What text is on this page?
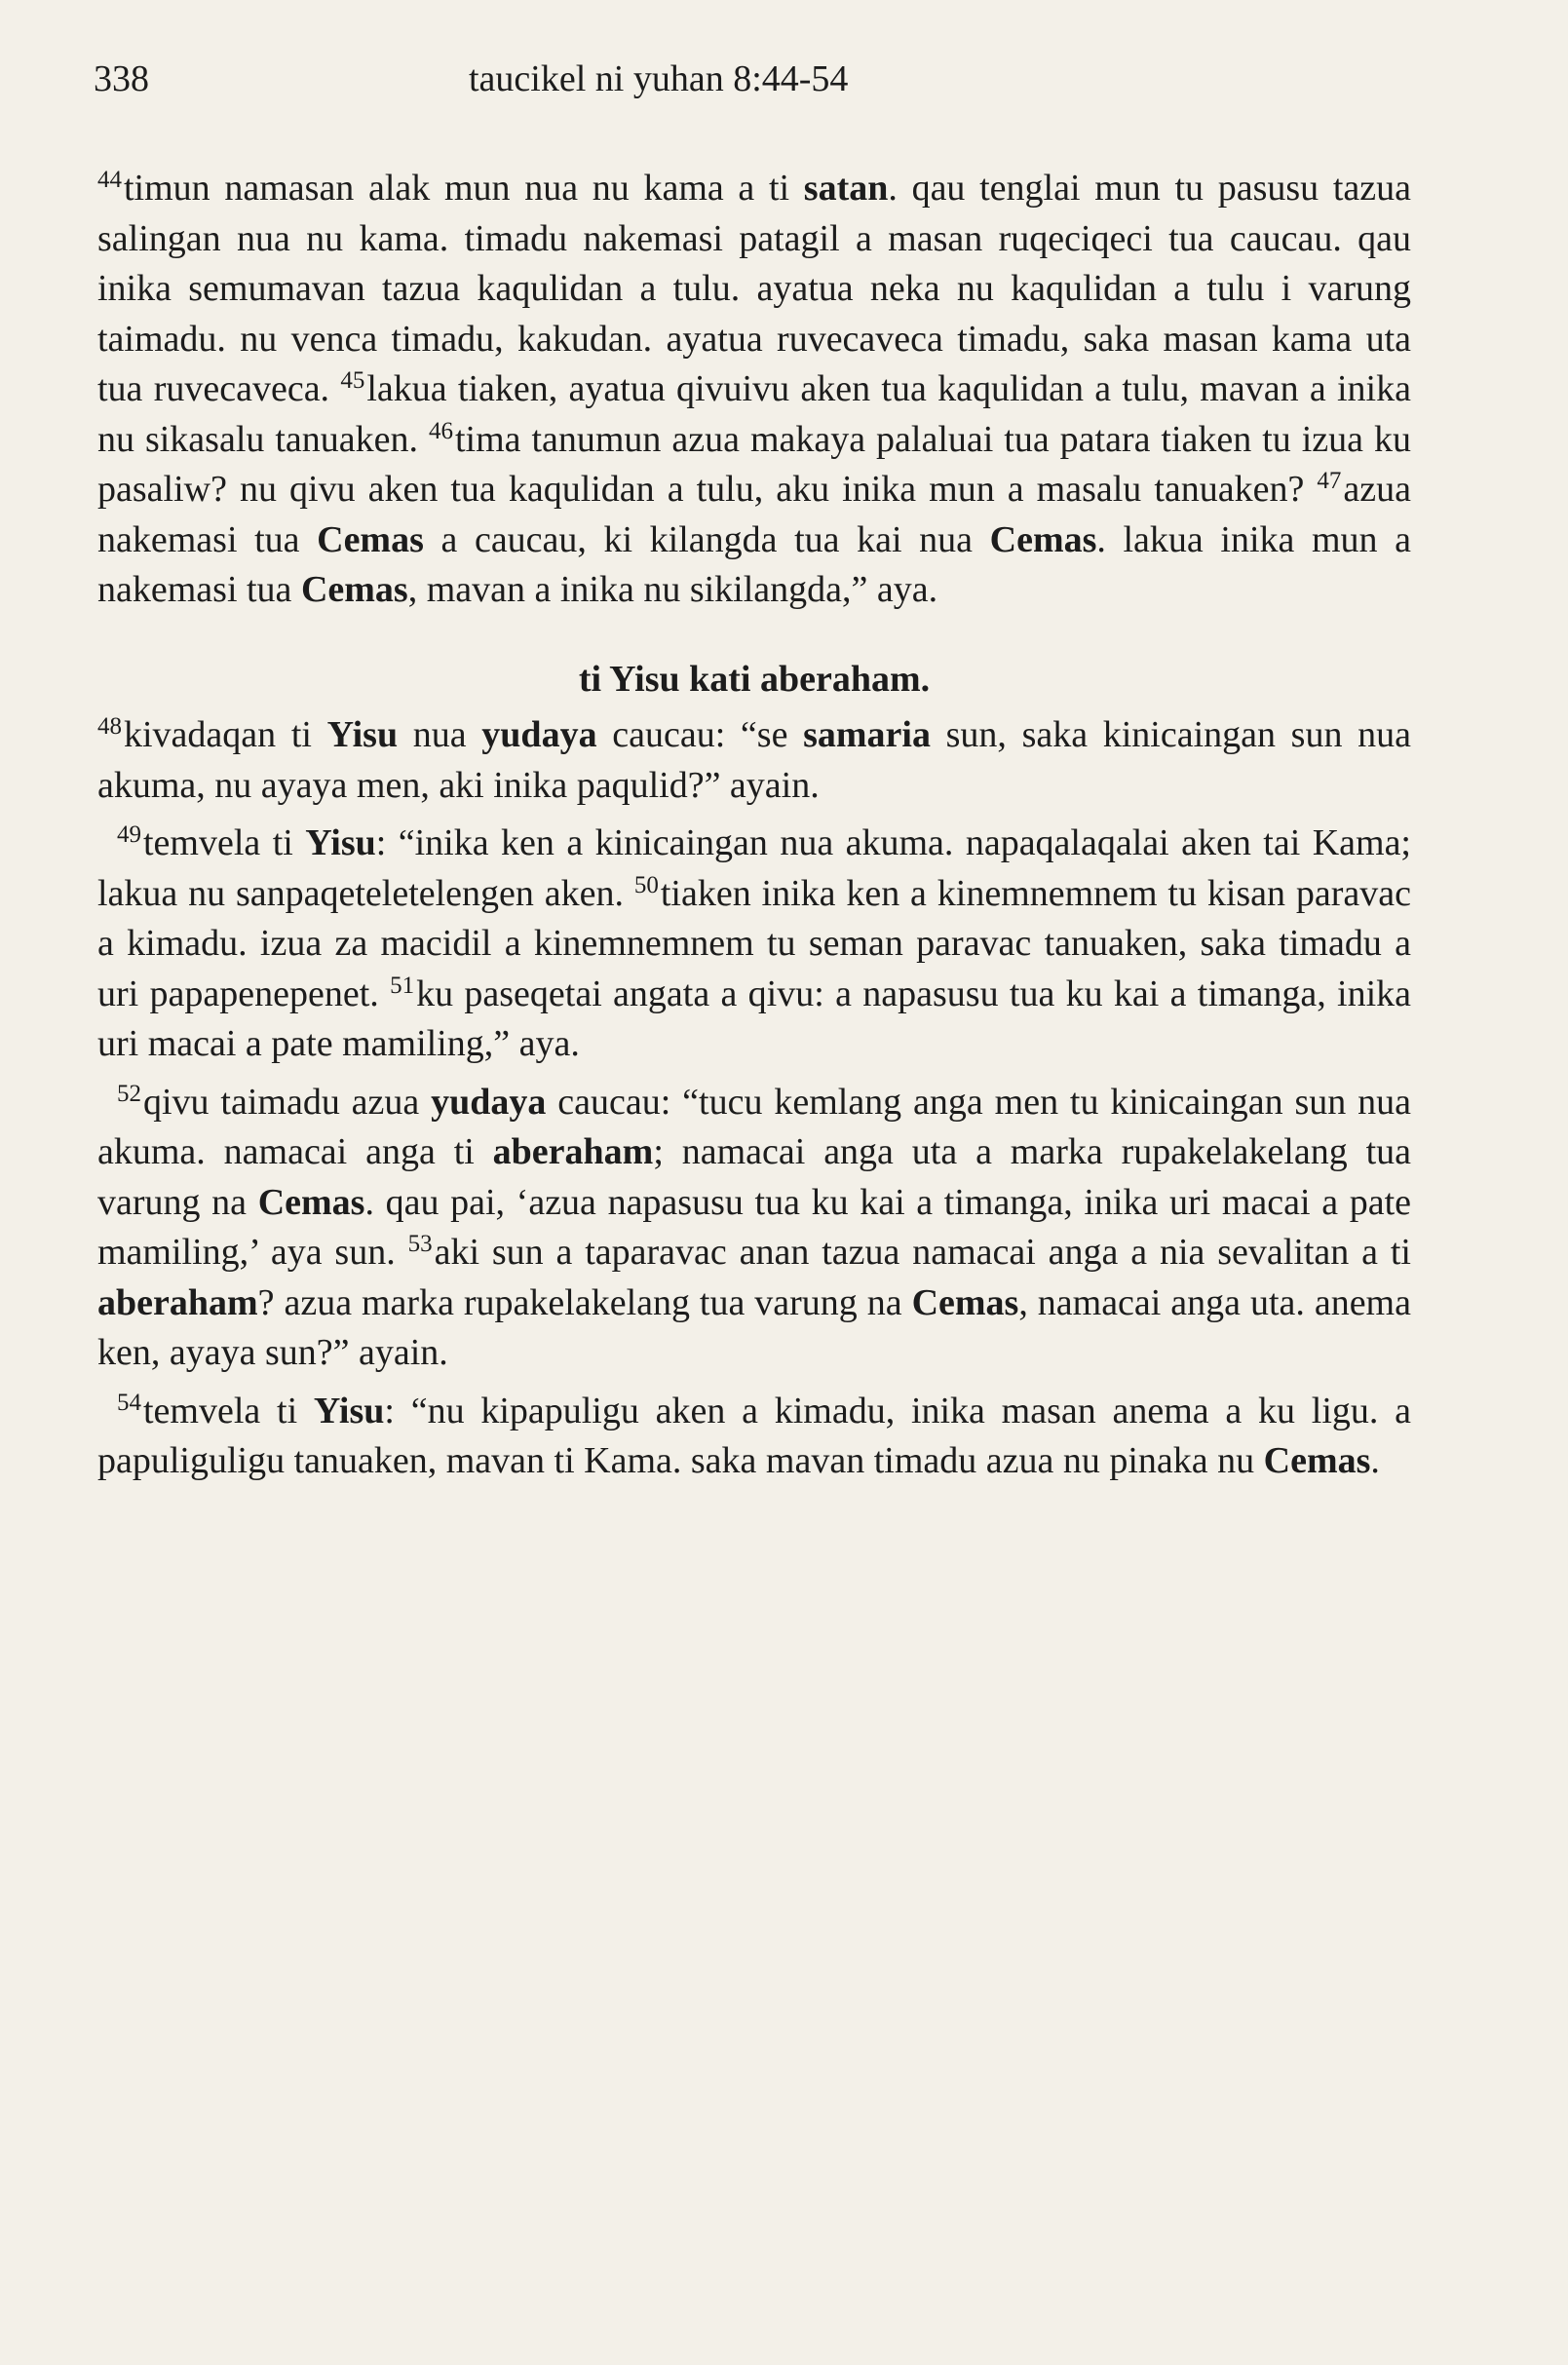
338	taucikel ni yuhan 8:44-54

$^{44}$timun namasan alak mun nua nu kama a ti satan. qau tenglai mun tu pasusu tazua salingan nua nu kama. timadu nakemasi patagil a masan ruqeciqeci tua caucau. qau inika semumavan tazua kaqulidan a tulu. ayatua neka nu kaqulidan a tulu i varung taimadu. nu venca timadu, kakudan. ayatua ruvecaveca timadu, saka masan kama uta tua ruvecaveca. $^{45}$lakua tiaken, ayatua qivuivu aken tua kaqulidan a tulu, mavan a inika nu sikasalu tanuaken. $^{46}$tima tanumun azua makaya palaluai tua patara tiaken tu izua ku pasaliw? nu qivu aken tua kaqulidan a tulu, aku inika mun a masalu tanuaken? $^{47}$azua nakemasi tua Cemas a caucau, ki kilangda tua kai nua Cemas. lakua inika mun a nakemasi tua Cemas, mavan a inika nu sikilangda,” aya.

ti Yisu kati aberaham.

$^{48}$kivadaqan ti Yisu nua yudaya caucau: “se samaria sun, saka kinicaingan sun nua akuma, nu ayaya men, aki inika paqulid?” ayain.

$^{49}$temvela ti Yisu: “inika ken a kinicaingan nua akuma. napaqalaqalai aken tai Kama; lakua nu sanpaqeteletelengen aken. $^{50}$tiaken inika ken a kinemnemnem tu kisan paravac a kimadu. izua za macidil a kinemnemnem tu seman paravac tanuaken, saka timadu a uri papapenepenet. $^{51}$ku paseqetai angata a qivu: a napasusu tua ku kai a timanga, inika uri macai a pate mamiling,” aya.

$^{52}$qivu taimadu azua yudaya caucau: “tucu kemlang anga men tu kinicaingan sun nua akuma. namacai anga ti aberaham; namacai anga uta a marka rupakelakelang tua varung na Cemas. qau pai, ‘azua napasusu tua ku kai a timanga, inika uri macai a pate mamiling,’ aya sun. $^{53}$aki sun a taparavac anan tazua namacai anga a nia sevalitan a ti aberaham? azua marka rupakelakelang tua varung na Cemas, namacai anga uta. anema ken, ayaya sun?” ayain.

$^{54}$temvela ti Yisu: “nu kipapuligu aken a kimadu, inika masan anema a ku ligu. a papuliguligu tanuaken, mavan ti Kama. saka mavan timadu azua nu pinaka nu Cemas.
